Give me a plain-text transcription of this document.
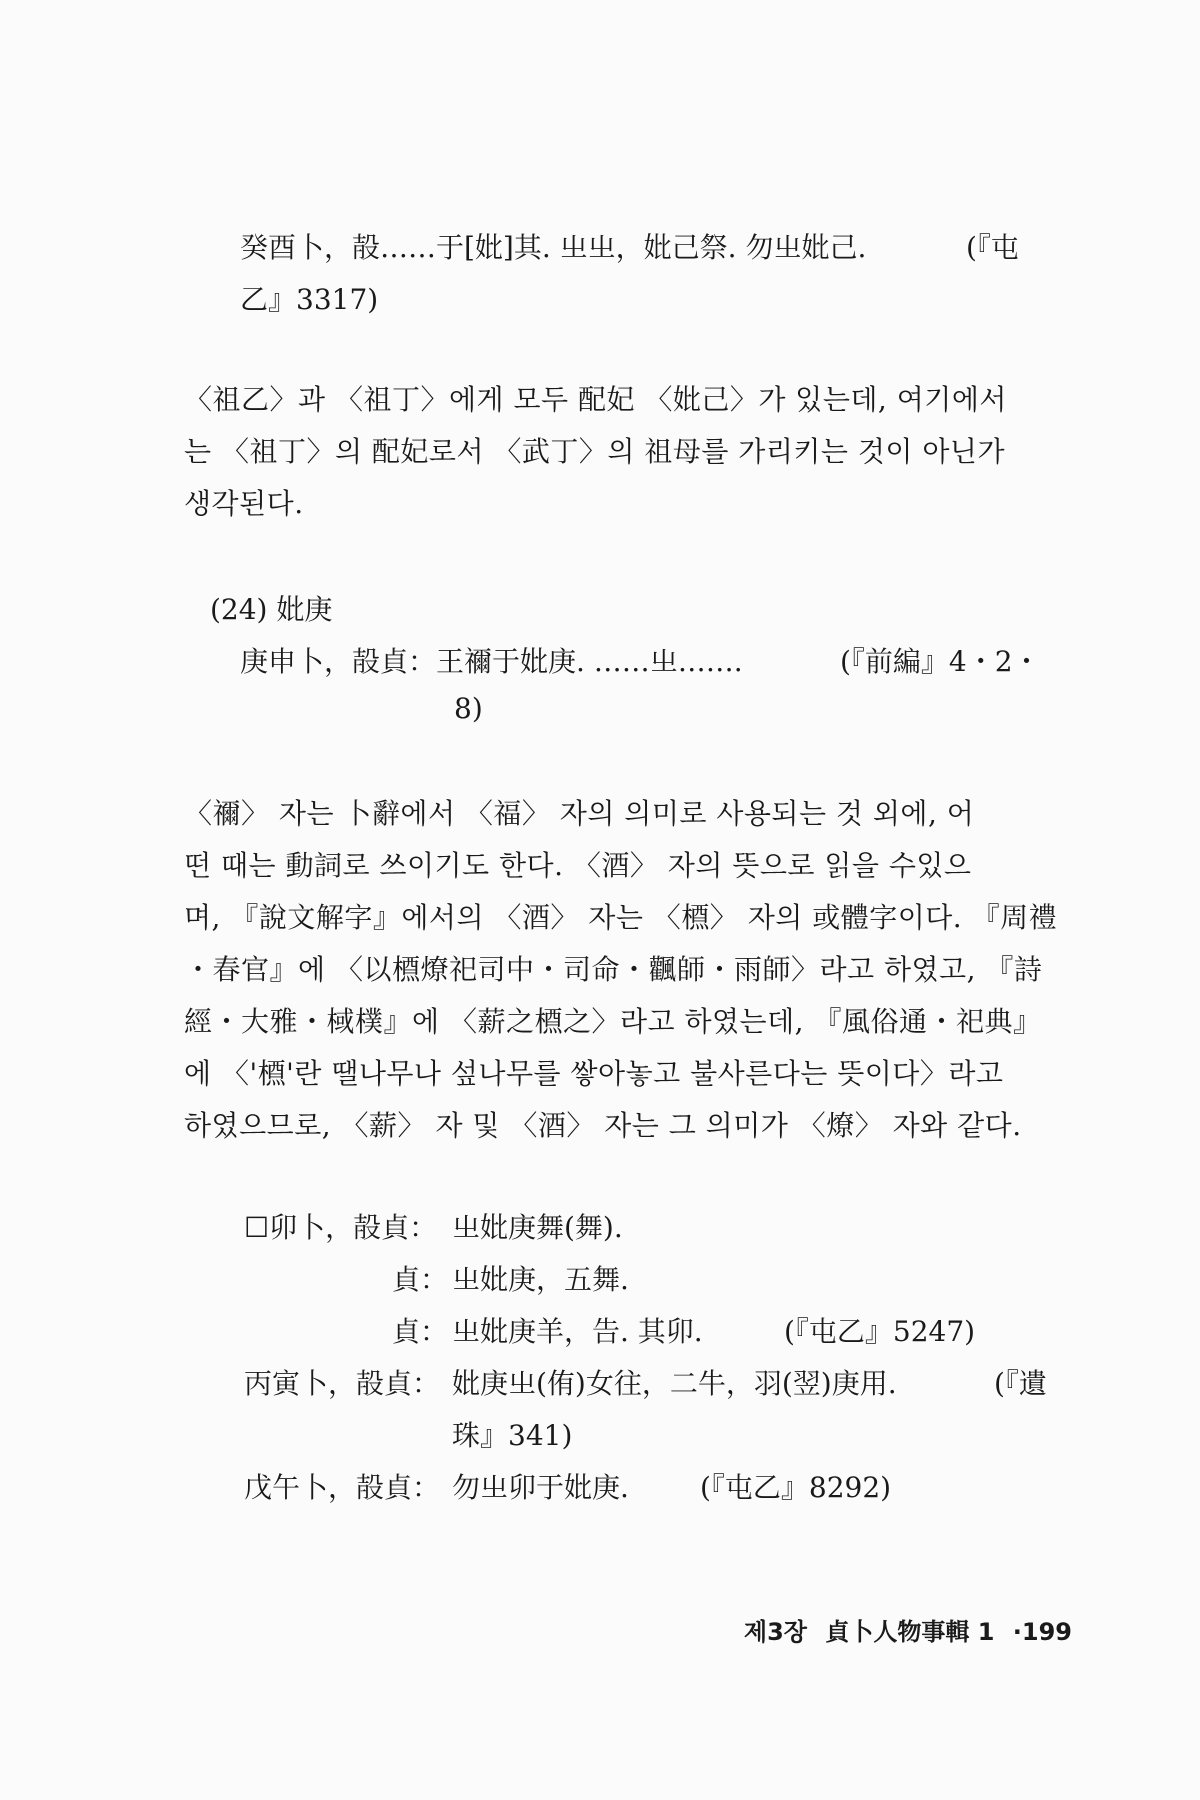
癸酉卜，㱿……于[妣]其. 㞢㞢，妣己祭. 勿㞢妣己.	(『屯
乙』3317)
〈祖乙〉과 〈祖丁〉에게 모두 配妃 〈妣己〉가 있는데, 여기에서
는 〈祖丁〉의 配妃로서 〈武丁〉의 祖母를 가리키는 것이 아닌가
생각된다.
(24) 妣庚
庚申卜，㱿貞：王禰于妣庚. ……㞢…….	(『前編』4・2・
8)
〈禰〉 자는 卜辭에서 〈福〉 자의 의미로 사용되는 것 외에, 어
떤 때는 動詞로 쓰이기도 한다. 〈酒〉 자의 뜻으로 읽을 수있으
며, 『說文解字』에서의 〈酒〉 자는 〈槱〉 자의 或體字이다. 『周禮
・春官』에 〈以槱燎祀司中・司命・飌師・雨師〉라고 하였고, 『詩
經・大雅・棫樸』에 〈薪之槱之〉라고 하였는데, 『風俗通・祀典』
에 〈'槱'란 땔나무나 섶나무를 쌓아놓고 불사른다는 뜻이다〉라고
하였으므로, 〈薪〉 자 및 〈酒〉 자는 그 의미가 〈燎〉 자와 같다.
☐卯卜，㱿貞： 㞢妣庚舞(舞).
貞： 㞢妣庚，五舞.
貞： 㞢妣庚羊，告. 其卯.	(『屯乙』5247)
丙寅卜，㱿貞： 妣庚㞢(侑)女往，二牛，羽(翌)庚用.	(『遺
珠』341)
戊午卜，㱿貞： 勿㞢卯于妣庚.	(『屯乙』8292)
제3장 貞卜人物事輯 1 ·199
